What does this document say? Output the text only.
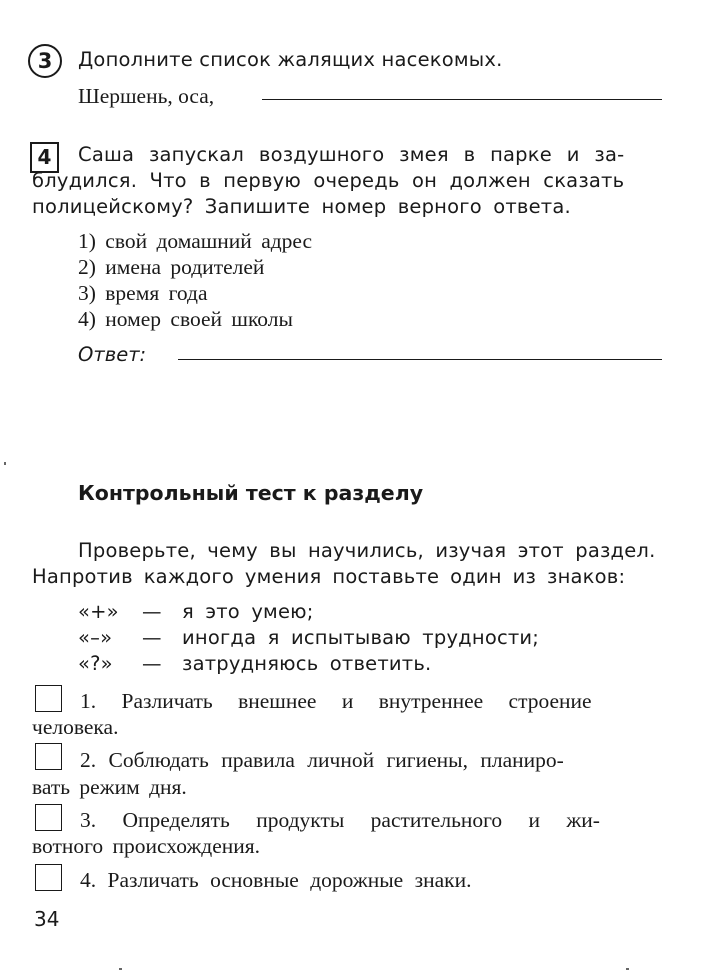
3	Дополните список жалящих насекомых.
Шершень, оса,
4	Саша запускал воздушного змея в парке и за-
блудился. Что в первую очередь он должен сказать
полицейскому? Запишите номер верного ответа.
1) свой домашний адрес
2) имена родителей
3) время года
4) номер своей школы
Ответ:
Контрольный тест к разделу
Проверьте, чему вы научились, изучая этот раздел.
Напротив каждого умения поставьте один из знаков:
«+» — я это умею;
«–» — иногда я испытываю трудности;
«?» — затрудняюсь ответить.
1. Различать внешнее и внутреннее строение
человека.
2. Соблюдать правила личной гигиены, планиро-
вать режим дня.
3. Определять продукты растительного и жи-
вотного происхождения.
4. Различать основные дорожные знаки.
34
